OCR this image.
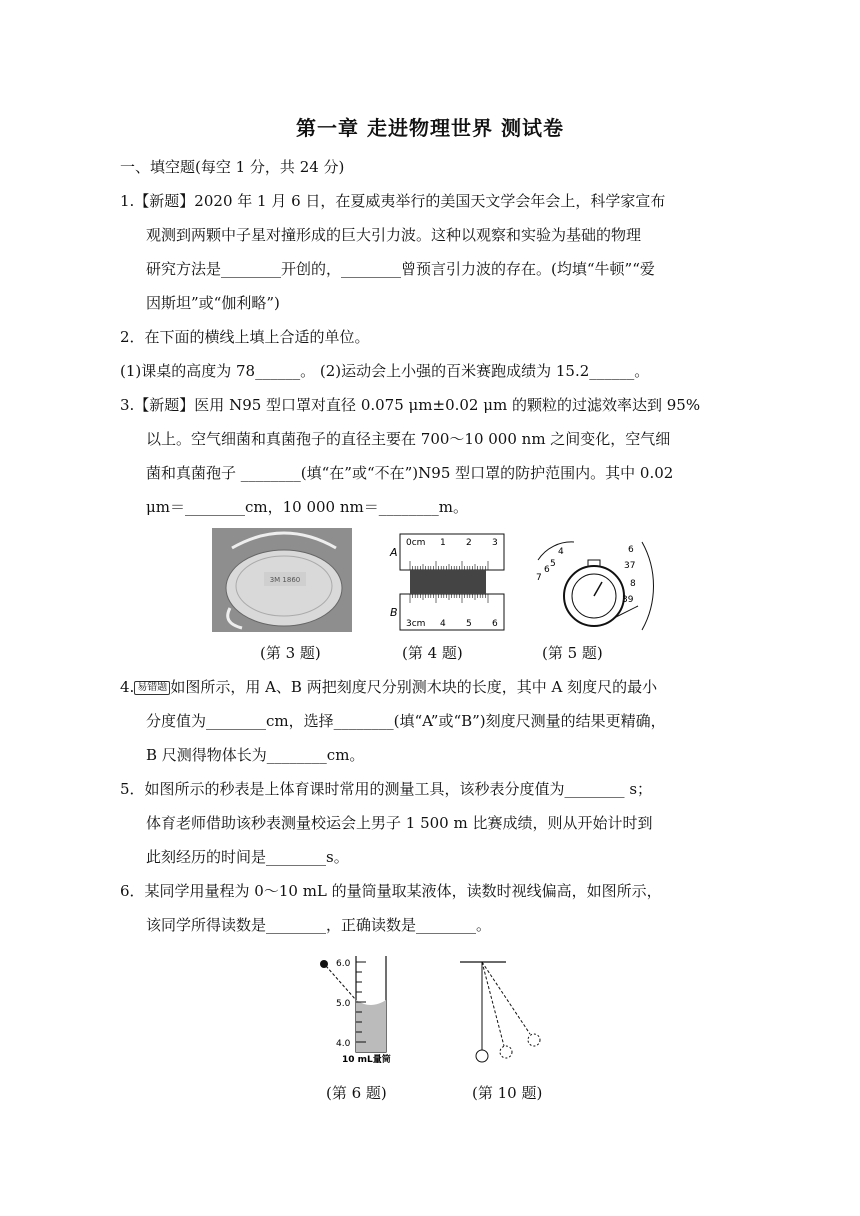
第一章 走进物理世界 测试卷
一、填空题(每空 1 分，共 24 分)
1.【新题】2020 年 1 月 6 日，在夏威夷举行的美国天文学会年会上，科学家宣布
观测到两颗中子星对撞形成的巨大引力波。这种以观察和实验为基础的物理
研究方法是________开创的，________曾预言引力波的存在。(均填“牛顿”“爱
因斯坦”或“伽利略”)
2．在下面的横线上填上合适的单位。
(1)课桌的高度为 78______。 (2)运动会上小强的百米赛跑成绩为 15.2______。
3.【新题】医用 N95 型口罩对直径 0.075 μm±0.02 μm 的颗粒的过滤效率达到 95%
以上。空气细菌和真菌孢子的直径主要在 700～10 000 nm 之间变化，空气细
菌和真菌孢子 ________(填“在”或“不在”)N95 型口罩的防护范围内。其中 0.02
μm＝________cm，10 000 nm＝________m。
3M 1860
A
B
0cm 1 2 3
3cm 4 5 6
4
5
6
7
6
37
8
39
(第 3 题)	(第 4 题)	(第 5 题)
4. 易错题 如图所示，用 A、B 两把刻度尺分别测木块的长度，其中 A 刻度尺的最小
分度值为________cm，选择________(填“A”或“B”)刻度尺测量的结果更精确，
B 尺测得物体长为________cm。
5．如图所示的秒表是上体育课时常用的测量工具，该秒表分度值为________ s；
体育老师借助该秒表测量校运会上男子 1 500 m 比赛成绩，则从开始计时到
此刻经历的时间是________s。
6．某同学用量程为 0～10 mL 的量筒量取某液体，读数时视线偏高，如图所示，
该同学所得读数是________，正确读数是________。
6.0
5.0
4.0
10 mL量筒
(第 6 题)	(第 10 题)
